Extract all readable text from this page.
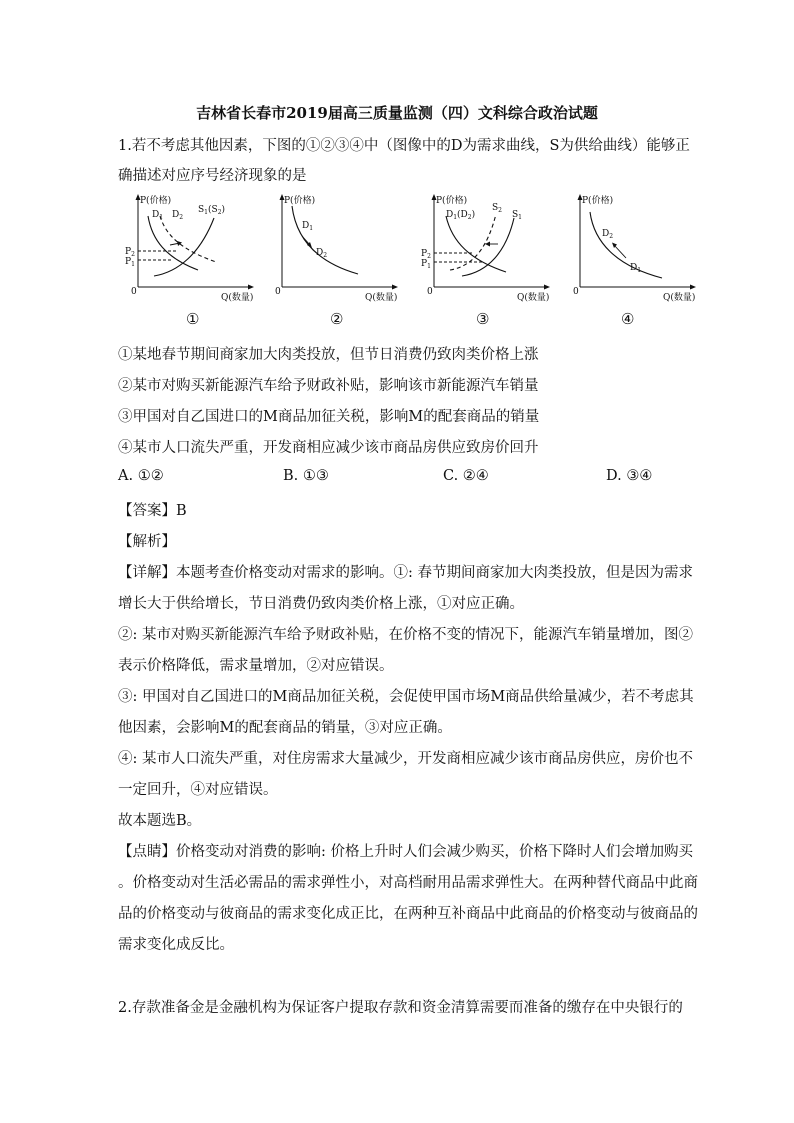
吉林省长春市2019届高三质量监测（四）文科综合政治试题
1.若不考虑其他因素，下图的①②③④中（图像中的D为需求曲线，S为供给曲线）能够正
确描述对应序号经济现象的是
P(价格)
Q(数量)
0
$D_1$ $D_2$
$S_1(S_2)$
$P_2$
$P_1$
P(价格)
Q(数量)
0
$D_1$
$D_2$
P(价格)
Q(数量)
0
$D_1(D_2)$
$S_2$ $S_1$
$P_2$
$P_1$
P(价格)
Q(数量)
0
$D_2$
$D_1$
①	②	③	④
①某地春节期间商家加大肉类投放，但节日消费仍致肉类价格上涨
②某市对购买新能源汽车给予财政补贴，影响该市新能源汽车销量
③甲国对自乙国进口的M商品加征关税，影响M的配套商品的销量
④某市人口流失严重，开发商相应减少该市商品房供应致房价回升
A. ①②	B. ①③	C. ②④	D. ③④
【答案】B
【解析】
【详解】本题考查价格变动对需求的影响。①: 春节期间商家加大肉类投放，但是因为需求
增长大于供给增长，节日消费仍致肉类价格上涨，①对应正确。
②: 某市对购买新能源汽车给予财政补贴，在价格不变的情况下，能源汽车销量增加，图②
表示价格降低，需求量增加，②对应错误。
③: 甲国对自乙国进口的M商品加征关税，会促使甲国市场M商品供给量减少，若不考虑其
他因素，会影响M的配套商品的销量，③对应正确。
④: 某市人口流失严重，对住房需求大量减少，开发商相应减少该市商品房供应，房价也不
一定回升，④对应错误。
故本题选B。
【点睛】价格变动对消费的影响: 价格上升时人们会减少购买，价格下降时人们会增加购买
。价格变动对生活必需品的需求弹性小，对高档耐用品需求弹性大。在两种替代商品中此商
品的价格变动与彼商品的需求变化成正比，在两种互补商品中此商品的价格变动与彼商品的
需求变化成反比。
2.存款准备金是金融机构为保证客户提取存款和资金清算需要而准备的缴存在中央银行的
